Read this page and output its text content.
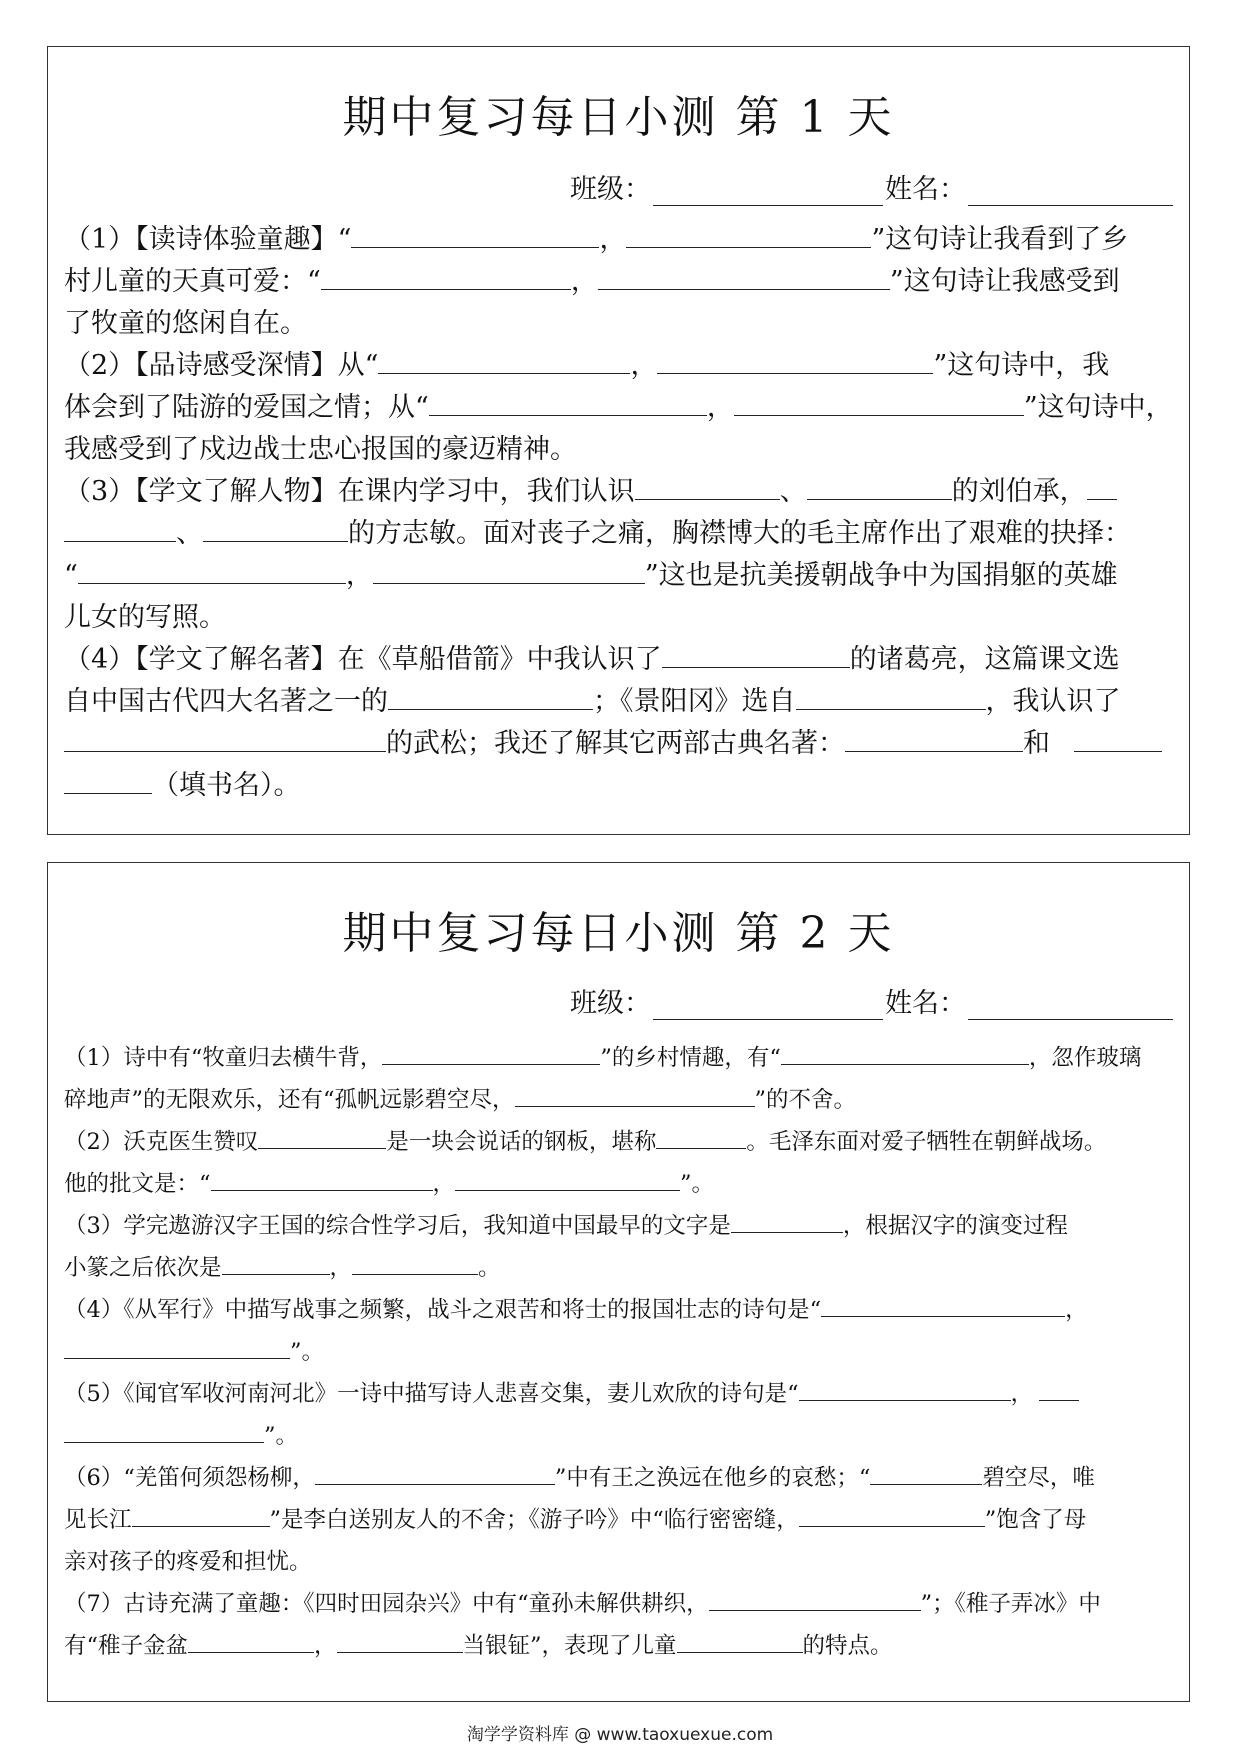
期中复习每日小测 第 1 天
班级：	姓名：
（1）【读诗体验童趣】“	，	”这句诗让我看到了乡
村儿童的天真可爱：“	，	”这句诗让我感受到
了牧童的悠闲自在。
（2）【品诗感受深情】从“	，	”这句诗中，我
体会到了陆游的爱国之情；从“	，	”这句诗中，
我感受到了戍边战士忠心报国的豪迈精神。
（3）【学文了解人物】在课内学习中，我们认识	、	的刘伯承，
、	的方志敏。面对丧子之痛，胸襟博大的毛主席作出了艰难的抉择：
“	，	”这也是抗美援朝战争中为国捐躯的英雄
儿女的写照。
（4）【学文了解名著】在《草船借箭》中我认识了	的诸葛亮，这篇课文选
自中国古代四大名著之一的	；《景阳冈》选自	，我认识了
的武松；我还了解其它两部古典名著：	和
（填书名）。
期中复习每日小测 第 2 天
班级：	姓名：
（1）诗中有“牧童归去横牛背，	”的乡村情趣，有“	，忽作玻璃
碎地声”的无限欢乐，还有“孤帆远影碧空尽，	”的不舍。
（2）沃克医生赞叹	是一块会说话的钢板，堪称	。毛泽东面对爱子牺牲在朝鲜战场。
他的批文是：“	，	”。
（3）学完遨游汉字王国的综合性学习后，我知道中国最早的文字是	，根据汉字的演变过程
小篆之后依次是	，	。
（4）《从军行》中描写战事之频繁，战斗之艰苦和将士的报国壮志的诗句是“	，
”。
（5）《闻官军收河南河北》一诗中描写诗人悲喜交集，妻儿欢欣的诗句是“	，
”。
（6）“羌笛何须怨杨柳，	”中有王之涣远在他乡的哀愁；“	碧空尽，唯
见长江	”是李白送别友人的不舍；《游子吟》中“临行密密缝，	”饱含了母
亲对孩子的疼爱和担忧。
（7）古诗充满了童趣：《四时田园杂兴》中有“童孙未解供耕织，	”；《稚子弄冰》中
有“稚子金盆	，	当银钲”，表现了儿童	的特点。
淘学学资料库 @ www.taoxuexue.com
